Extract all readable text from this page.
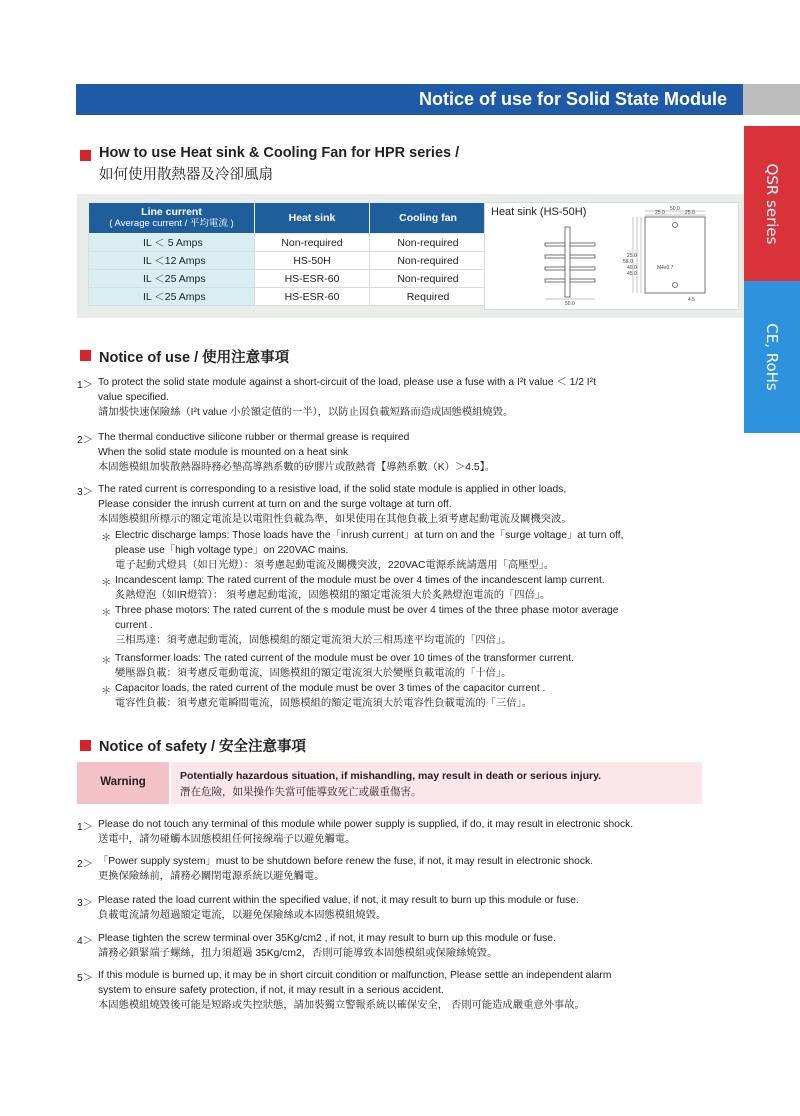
Notice of use for Solid State Module
QSR series
CE, RoHs
How to use Heat sink & Cooling Fan for HPR series /
如何使用散熱器及冷卻風扇
Line current
( Average current / 平均電流 )	Heat sink	Cooling fan
IL ＜ 5 Amps	Non-required	Non-required
IL ＜12 Amps	HS-50H	Non-required
IL ＜25 Amps	HS-ESR-60	Non-required
IL ＜25 Amps	HS-ESR-60	Required
Heat sink (HS-50H)	50.0
25.0	25.0
50.0
4.5
58.0
25.0
40.0
45.0
M4x0.7
Notice of use / 使用注意事項
1＞ To protect the solid state module against a short-circuit of the load, please use a fuse with a I²t value ＜ 1/2 I²t
value specified.
請加裝快速保險絲（I²t value 小於額定值的一半），以防止因負載短路而造成固態模組燒毀。
2＞ The thermal conductive silicone rubber or thermal grease is required
When the solid state module is mounted on a heat sink
本固態模組加裝散熱器時務必墊高導熱系數的矽膠片或散熱膏【導熱系數（K）＞4.5】。
3＞ The rated current is corresponding to a resistive load, if the solid state module is applied in other loads,
Please consider the inrush current at turn on and the surge voltage at turn off.
本固態模組所標示的額定電流是以電阻性負載為準，如果使用在其他負載上須考慮起動電流及關機突波。
＊ Electric discharge lamps: Those loads have the「inrush current」at turn on and the「surge voltage」at turn off,
please use「high voltage type」on 220VAC mains.
電子起動式燈具（如日光燈）：須考慮起動電流及關機突波，220VAC電源系統請選用「高壓型」。
＊ Incandescent lamp: The rated current of the module must be over 4 times of the incandescent lamp current.
炙熱燈泡（如IR燈管）： 須考慮起動電流，固態模組的額定電流須大於炙熱燈泡電流的「四倍」。
＊ Three phase motors: The rated current of the s module must be over 4 times of the three phase motor average
current .
三相馬達：須考慮起動電流，固態模組的額定電流須大於三相馬達平均電流的「四倍」。
＊ Transformer loads: The rated current of the module must be over 10 times of the transformer current.
變壓器負載：須考慮反電動電流，固態模組的額定電流須大於變壓負載電流的「十倍」。
＊ Capacitor loads, the rated current of the module must be over 3 times of the capacitor current .
電容性負載：須考慮充電瞬間電流，固態模組的額定電流須大於電容性負載電流的「三倍」。
Notice of safety / 安全注意事項
Warning	Potentially hazardous situation, if mishandling, may result in death or serious injury.
潛在危險，如果操作失當可能導致死亡或嚴重傷害。
1＞ Please do not touch any terminal of this module while power supply is supplied, if do, it may result in electronic shock.
送電中，請勿碰觸本固態模組任何接線端子以避免觸電。
2＞ 「Power supply system」must to be shutdown before renew the fuse, if not, it may result in electronic shock.
更換保險絲前，請務必關閉電源系統以避免觸電。
3＞ Please rated the load current within the specified value, if not, it may result to burn up this module or fuse.
負載電流請勿超過額定電流，以避免保險絲或本固態模組燒毀。
4＞ Please tighten the screw terminal over 35Kg/cm2 , if not, it may result to burn up this module or fuse.
請務必鎖緊端子螺絲，扭力須超過 35Kg/cm2，否則可能導致本固態模組或保險絲燒毀。
5＞ If this module is burned up, it may be in short circuit condition or malfunction, Please settle an independent alarm
system to ensure safety protection, if not, it may result in a serious accident.
本固態模組燒毀後可能是短路或失控狀態，請加裝獨立警報系統以確保安全， 否則可能造成嚴重意外事故。
